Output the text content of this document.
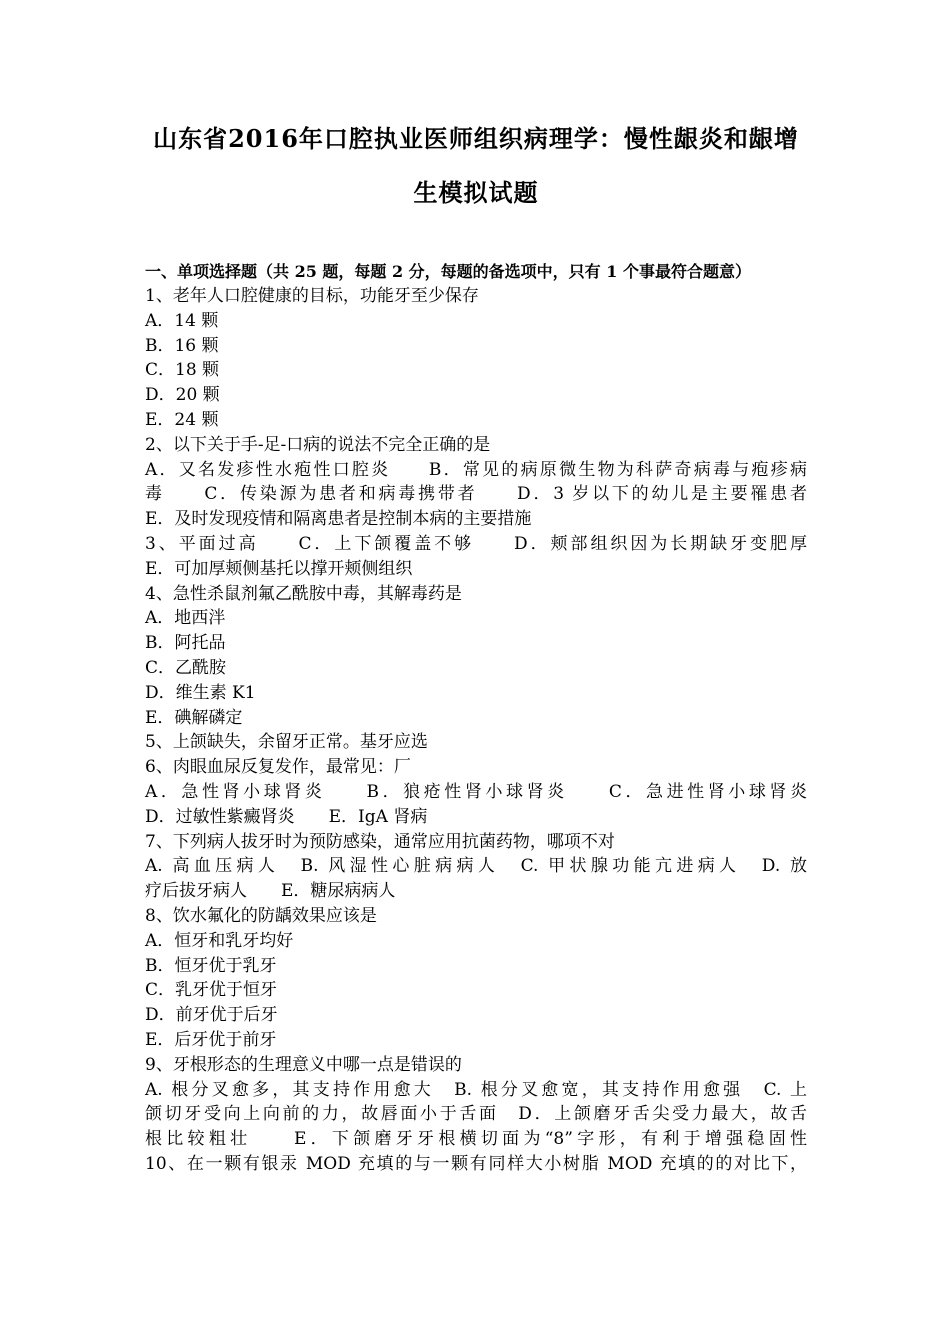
山东省2016年口腔执业医师组织病理学：慢性龈炎和龈增
生模拟试题
一、单项选择题（共 25 题，每题 2 分，每题的备选项中，只有 1 个事最符合题意）
1、老年人口腔健康的目标，功能牙至少保存
A．14 颗
B．16 颗
C．18 颗
D．20 颗
E．24 颗
2、以下关于手-足-口病的说法不完全正确的是
A．又名发疹性水疱性口腔炎　　B．常见的病原微生物为科萨奇病毒与疱疹病
毒　　C．传染源为患者和病毒携带者　　D．3 岁以下的幼儿是主要罹患者
E．及时发现疫情和隔离患者是控制本病的主要措施
3、平面过高　　C．上下颌覆盖不够　　D．颊部组织因为长期缺牙变肥厚
E．可加厚颊侧基托以撑开颊侧组织
4、急性杀鼠剂氟乙酰胺中毒，其解毒药是
A．地西泮
B．阿托品
C．乙酰胺
D．维生素 K1
E．碘解磷定
5、上颌缺失，余留牙正常。基牙应选
6、肉眼血尿反复发作，最常见：厂
A．急性肾小球肾炎　　B．狼疮性肾小球肾炎　　C．急进性肾小球肾炎
D．过敏性紫癜肾炎　　E．IgA 肾病
7、下列病人拔牙时为预防感染，通常应用抗菌药物，哪项不对
A. 高血压病人　B. 风湿性心脏病病人　C. 甲状腺功能亢进病人　D. 放
疗后拔牙病人　　E．糖尿病病人
8、饮水氟化的防龋效果应该是
A．恒牙和乳牙均好
B．恒牙优于乳牙
C．乳牙优于恒牙
D．前牙优于后牙
E．后牙优于前牙
9、牙根形态的生理意义中哪一点是错误的
A. 根分叉愈多，其支持作用愈大　B. 根分叉愈宽，其支持作用愈强　C. 上
颌切牙受向上向前的力，故唇面小于舌面　D．上颌磨牙舌尖受力最大，故舌
根比较粗壮　　E．下颌磨牙牙根横切面为“8”字形，有利于增强稳固性
10、在一颗有银汞 MOD 充填的与一颗有同样大小树脂 MOD 充填的的对比下，
